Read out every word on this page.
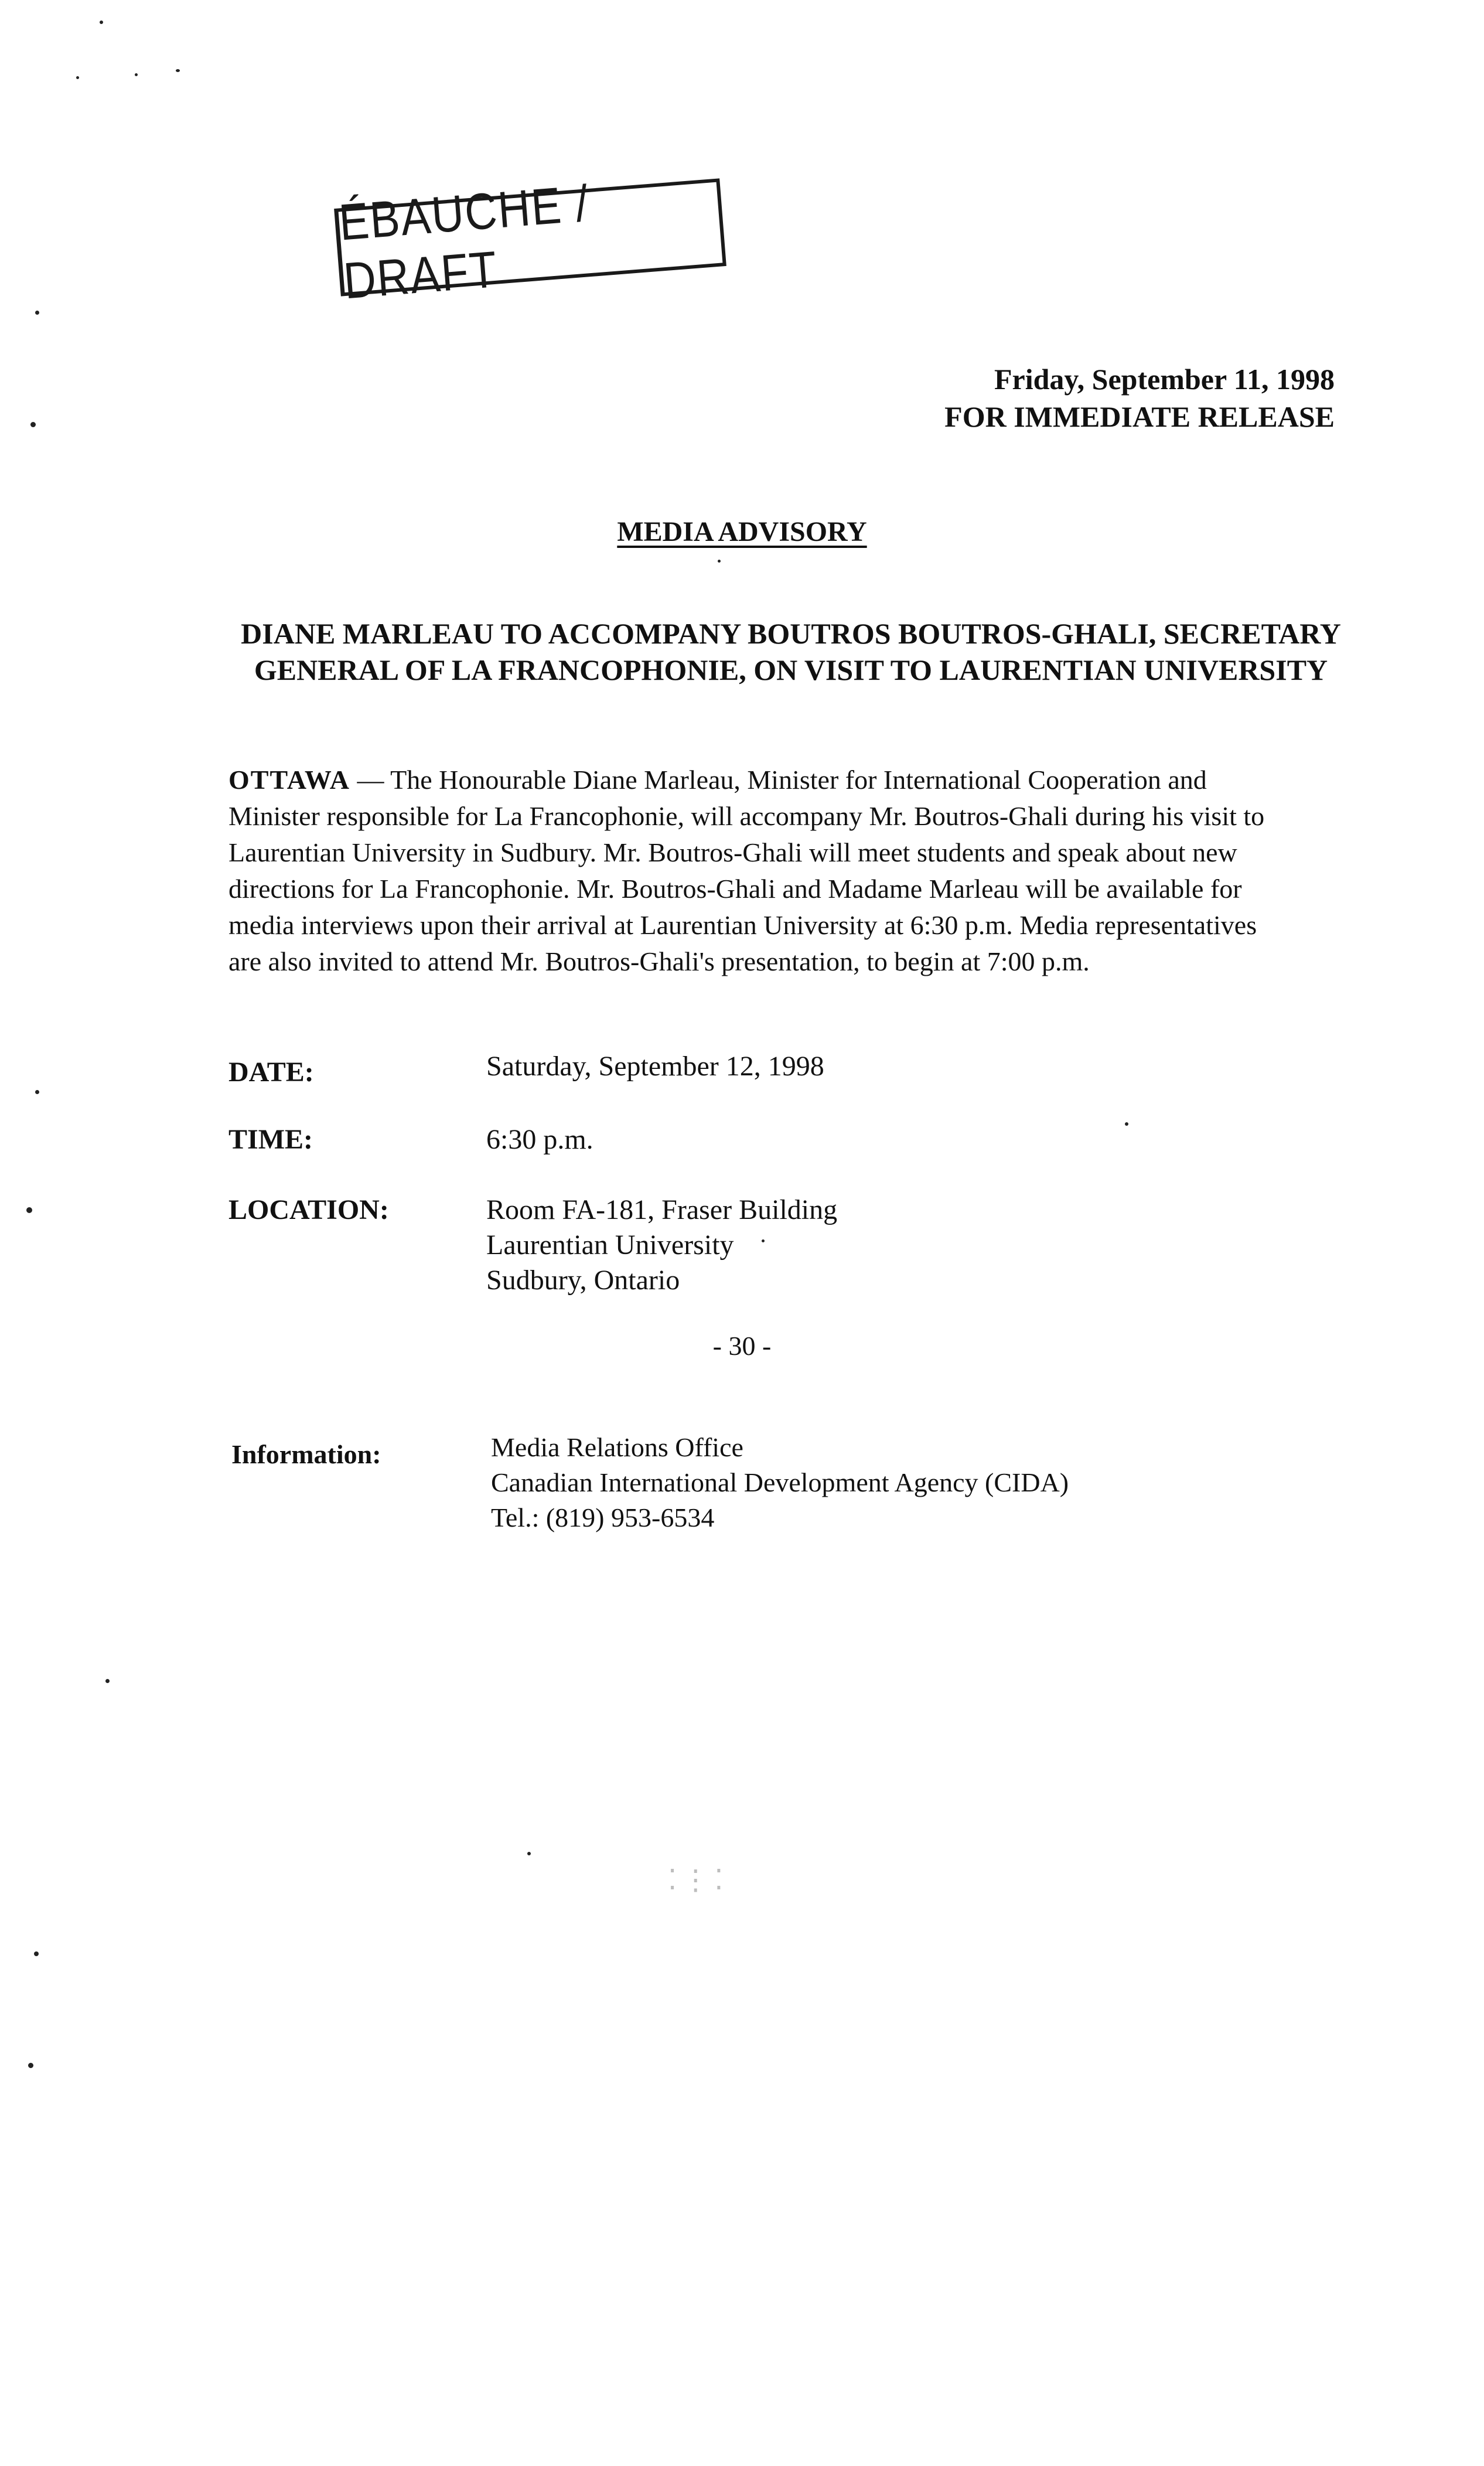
ÉBAUCHE / DRAFT
Friday, September 11, 1998
FOR IMMEDIATE RELEASE
MEDIA ADVISORY
DIANE MARLEAU TO ACCOMPANY BOUTROS BOUTROS-GHALI, SECRETARY
GENERAL OF LA FRANCOPHONIE, ON VISIT TO LAURENTIAN UNIVERSITY
OTTAWA — The Honourable Diane Marleau, Minister for International Cooperation and
Minister responsible for La Francophonie, will accompany Mr. Boutros-Ghali during his visit to
Laurentian University in Sudbury. Mr. Boutros-Ghali will meet students and speak about new
directions for La Francophonie. Mr. Boutros-Ghali and Madame Marleau will be available for
media interviews upon their arrival at Laurentian University at 6:30 p.m. Media representatives
are also invited to attend Mr. Boutros-Ghali's presentation, to begin at 7:00 p.m.
DATE:	Saturday, September 12, 1998
TIME:	6:30 p.m.
LOCATION:	Room FA-181, Fraser Building
Laurentian University
Sudbury, Ontario
- 30 -
Information:	Media Relations Office
Canadian International Development Agency (CIDA)
Tel.: (819) 953-6534
⁚⋮⁚
